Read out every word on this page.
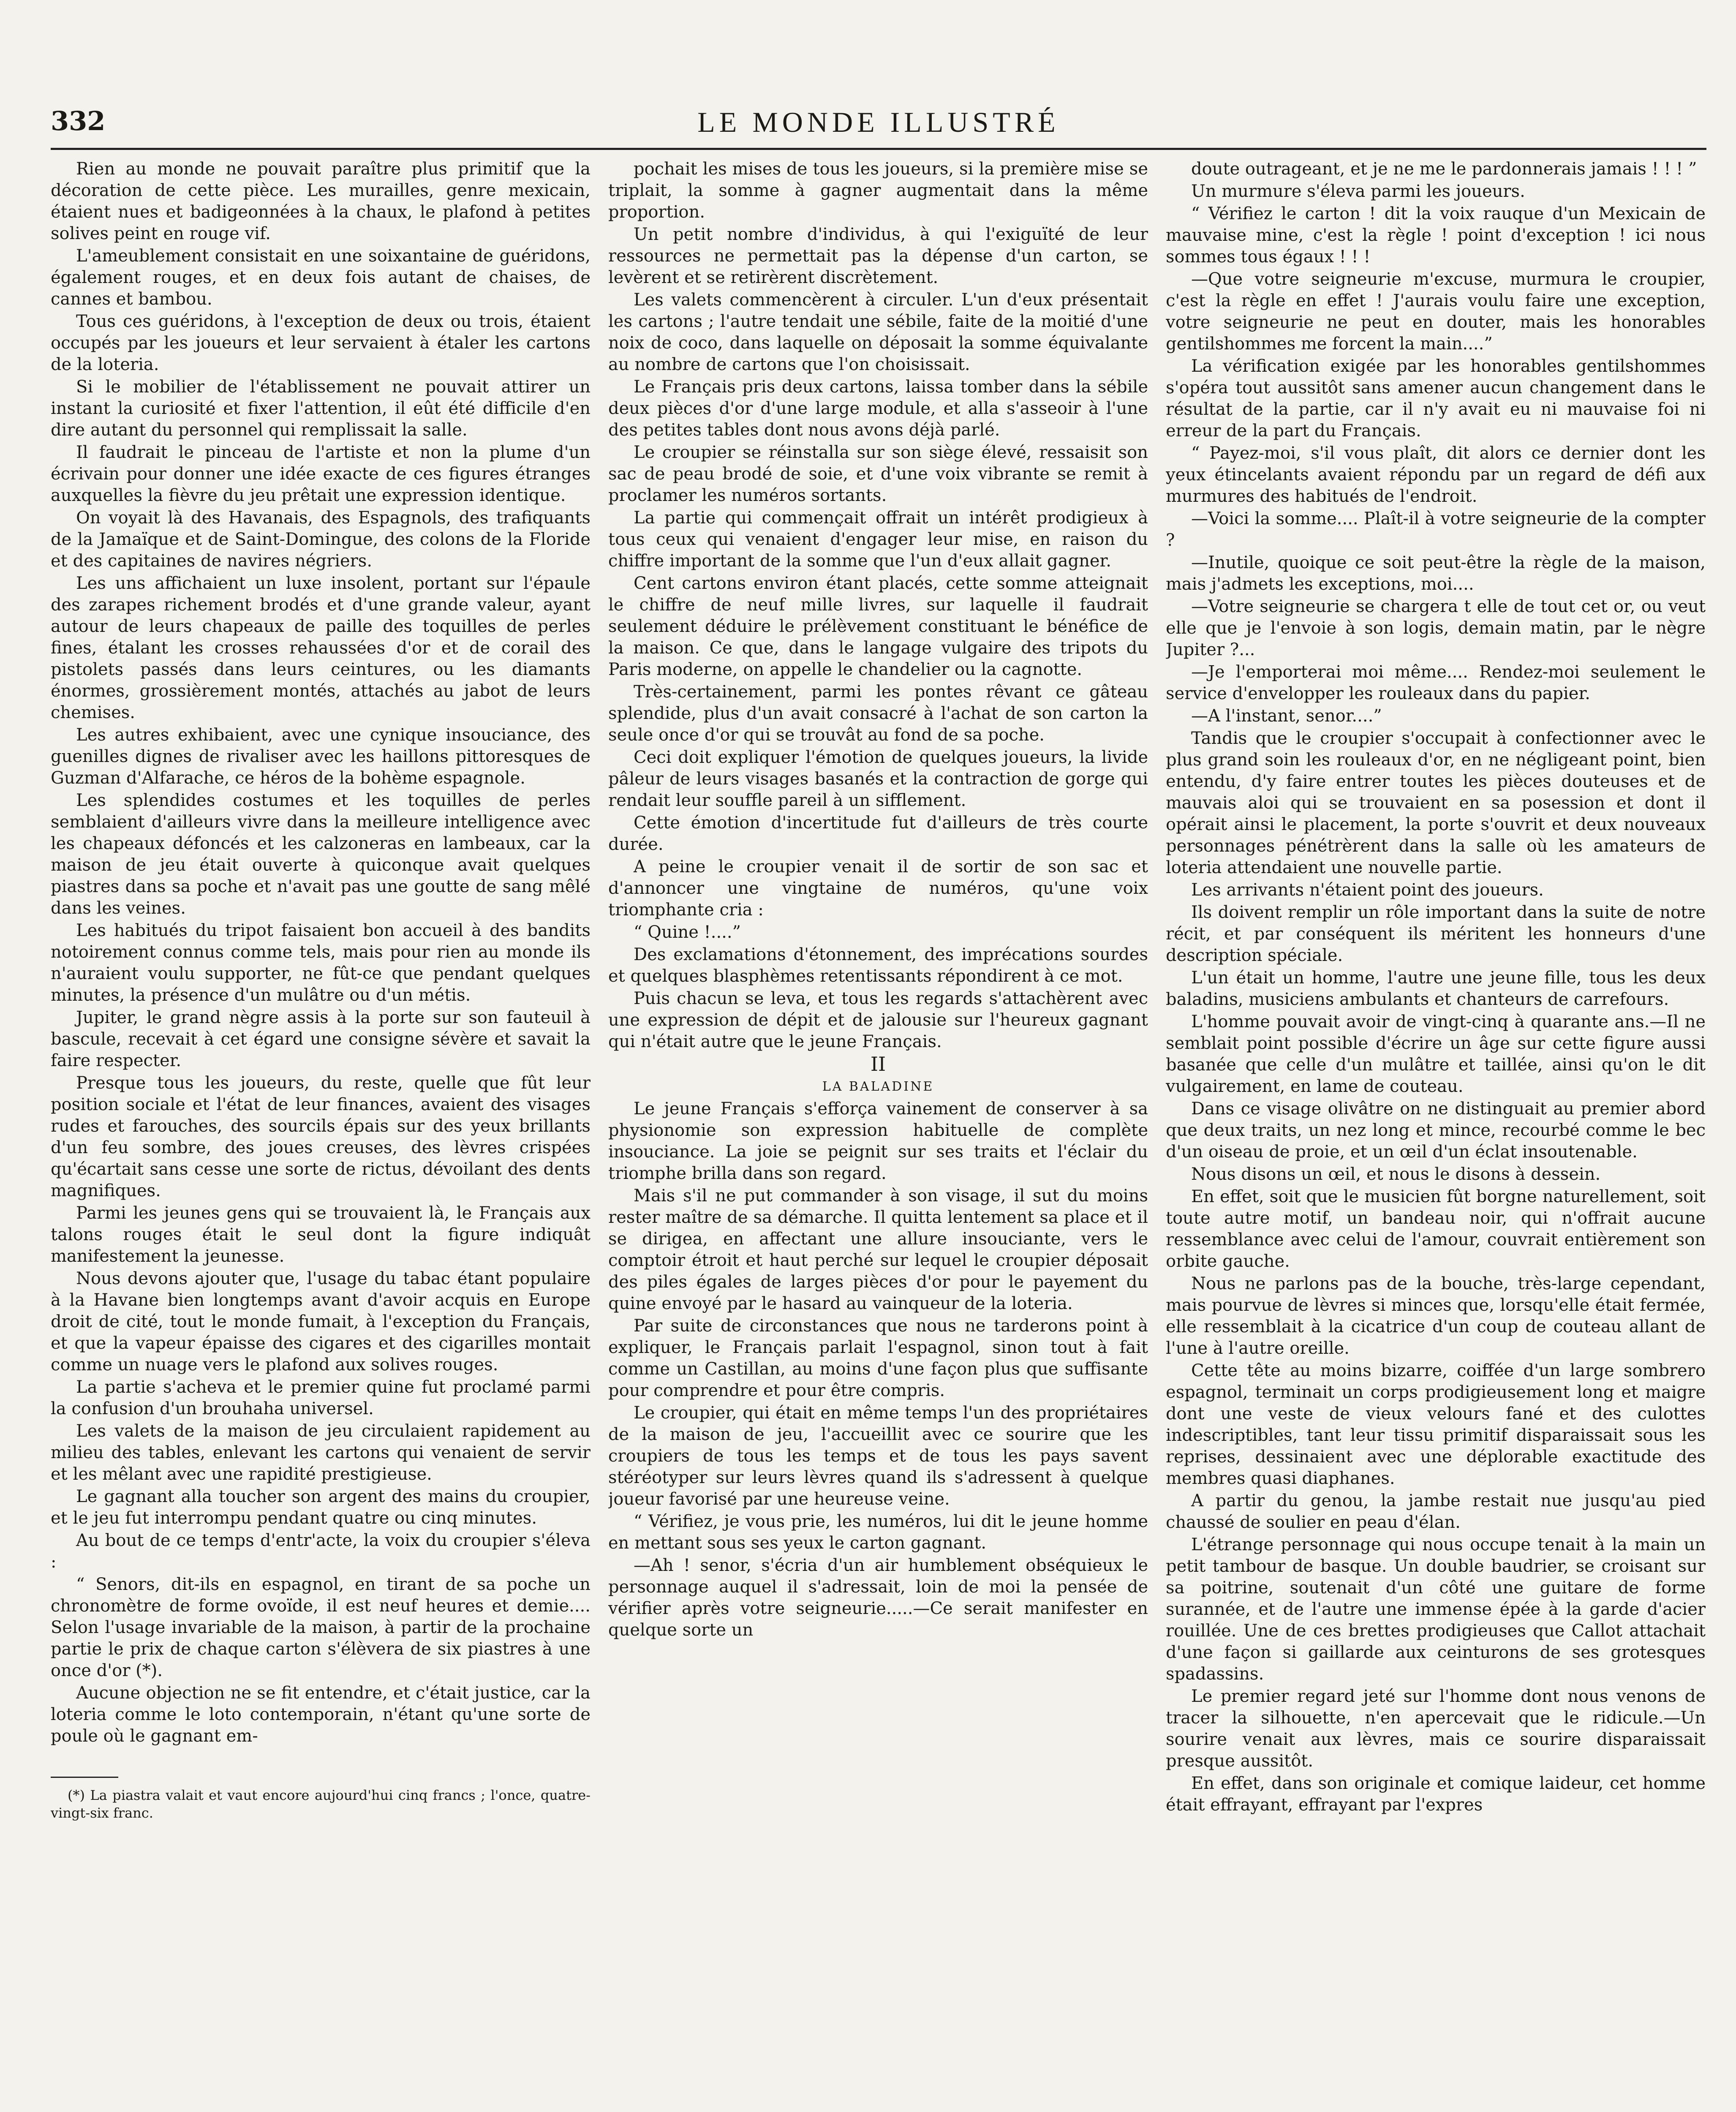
332	LE MONDE ILLUSTRÉ

Rien au monde ne pouvait paraître plus primitif que la décoration de cette pièce. Les murailles, genre mexicain, étaient nues et badigeonnées à la chaux, le plafond à petites solives peint en rouge vif.

L'ameublement consistait en une soixantaine de guéridons, également rouges, et en deux fois autant de chaises, de cannes et bambou.

Tous ces guéridons, à l'exception de deux ou trois, étaient occupés par les joueurs et leur servaient à étaler les cartons de la loteria.

Si le mobilier de l'établissement ne pouvait attirer un instant la curiosité et fixer l'attention, il eût été difficile d'en dire autant du personnel qui remplissait la salle.

Il faudrait le pinceau de l'artiste et non la plume d'un écrivain pour donner une idée exacte de ces figures étranges auxquelles la fièvre du jeu prêtait une expression identique.

On voyait là des Havanais, des Espagnols, des trafiquants de la Jamaïque et de Saint-Domingue, des colons de la Floride et des capitaines de navires négriers.

Les uns affichaient un luxe insolent, portant sur l'épaule des zarapes richement brodés et d'une grande valeur, ayant autour de leurs chapeaux de paille des toquilles de perles fines, étalant les crosses rehaussées d'or et de corail des pistolets passés dans leurs ceintures, ou les diamants énormes, grossièrement montés, attachés au jabot de leurs chemises.

Les autres exhibaient, avec une cynique insouciance, des guenilles dignes de rivaliser avec les haillons pittoresques de Guzman d'Alfarache, ce héros de la bohème espagnole.

Les splendides costumes et les toquilles de perles semblaient d'ailleurs vivre dans la meilleure intelligence avec les chapeaux défoncés et les calzoneras en lambeaux, car la maison de jeu était ouverte à quiconque avait quelques piastres dans sa poche et n'avait pas une goutte de sang mêlé dans les veines.

Les habitués du tripot faisaient bon accueil à des bandits notoirement connus comme tels, mais pour rien au monde ils n'auraient voulu supporter, ne fût-ce que pendant quelques minutes, la présence d'un mulâtre ou d'un métis.

Jupiter, le grand nègre assis à la porte sur son fauteuil à bascule, recevait à cet égard une consigne sévère et savait la faire respecter.

Presque tous les joueurs, du reste, quelle que fût leur position sociale et l'état de leur finances, avaient des visages rudes et farouches, des sourcils épais sur des yeux brillants d'un feu sombre, des joues creuses, des lèvres crispées qu'écartait sans cesse une sorte de rictus, dévoilant des dents magnifiques.

Parmi les jeunes gens qui se trouvaient là, le Français aux talons rouges était le seul dont la figure indiquât manifestement la jeunesse.

Nous devons ajouter que, l'usage du tabac étant populaire à la Havane bien longtemps avant d'avoir acquis en Europe droit de cité, tout le monde fumait, à l'exception du Français, et que la vapeur épaisse des cigares et des cigarilles montait comme un nuage vers le plafond aux solives rouges.

La partie s'acheva et le premier quine fut proclamé parmi la confusion d'un brouhaha universel.

Les valets de la maison de jeu circulaient rapidement au milieu des tables, enlevant les cartons qui venaient de servir et les mêlant avec une rapidité prestigieuse.

Le gagnant alla toucher son argent des mains du croupier, et le jeu fut interrompu pendant quatre ou cinq minutes.

Au bout de ce temps d'entr'acte, la voix du croupier s'éleva :

“ Senors, dit-ils en espagnol, en tirant de sa poche un chronomètre de forme ovoïde, il est neuf heures et demie.... Selon l'usage invariable de la maison, à partir de la prochaine partie le prix de chaque carton s'élèvera de six piastres à une once d'or (*).

Aucune objection ne se fit entendre, et c'était justice, car la loteria comme le loto contemporain, n'étant qu'une sorte de poule où le gagnant em-

(*) La piastra valait et vaut encore aujourd'hui cinq francs ; l'once, quatre-vingt-six franc.

pochait les mises de tous les joueurs, si la première mise se triplait, la somme à gagner augmentait dans la même proportion.

Un petit nombre d'individus, à qui l'exiguïté de leur ressources ne permettait pas la dépense d'un carton, se levèrent et se retirèrent discrètement.

Les valets commencèrent à circuler. L'un d'eux présentait les cartons ; l'autre tendait une sébile, faite de la moitié d'une noix de coco, dans laquelle on déposait la somme équivalante au nombre de cartons que l'on choisissait.

Le Français pris deux cartons, laissa tomber dans la sébile deux pièces d'or d'une large module, et alla s'asseoir à l'une des petites tables dont nous avons déjà parlé.

Le croupier se réinstalla sur son siège élevé, ressaisit son sac de peau brodé de soie, et d'une voix vibrante se remit à proclamer les numéros sortants.

La partie qui commençait offrait un intérêt prodigieux à tous ceux qui venaient d'engager leur mise, en raison du chiffre important de la somme que l'un d'eux allait gagner.

Cent cartons environ étant placés, cette somme atteignait le chiffre de neuf mille livres, sur laquelle il faudrait seulement déduire le prélèvement constituant le bénéfice de la maison. Ce que, dans le langage vulgaire des tripots du Paris moderne, on appelle le chandelier ou la cagnotte.

Très-certainement, parmi les pontes rêvant ce gâteau splendide, plus d'un avait consacré à l'achat de son carton la seule once d'or qui se trouvât au fond de sa poche.

Ceci doit expliquer l'émotion de quelques joueurs, la livide pâleur de leurs visages basanés et la contraction de gorge qui rendait leur souffle pareil à un sifflement.

Cette émotion d'incertitude fut d'ailleurs de très courte durée.

A peine le croupier venait il de sortir de son sac et d'annoncer une vingtaine de numéros, qu'une voix triomphante cria :

“ Quine !....”

Des exclamations d'étonnement, des imprécations sourdes et quelques blasphèmes retentissants répondirent à ce mot.

Puis chacun se leva, et tous les regards s'attachèrent avec une expression de dépit et de jalousie sur l'heureux gagnant qui n'était autre que le jeune Français.

II

LA BALADINE

Le jeune Français s'efforça vainement de conserver à sa physionomie son expression habituelle de complète insouciance. La joie se peignit sur ses traits et l'éclair du triomphe brilla dans son regard.

Mais s'il ne put commander à son visage, il sut du moins rester maître de sa démarche. Il quitta lentement sa place et il se dirigea, en affectant une allure insouciante, vers le comptoir étroit et haut perché sur lequel le croupier déposait des piles égales de larges pièces d'or pour le payement du quine envoyé par le hasard au vainqueur de la loteria.

Par suite de circonstances que nous ne tarderons point à expliquer, le Français parlait l'espagnol, sinon tout à fait comme un Castillan, au moins d'une façon plus que suffisante pour comprendre et pour être compris.

Le croupier, qui était en même temps l'un des propriétaires de la maison de jeu, l'accueillit avec ce sourire que les croupiers de tous les temps et de tous les pays savent stéréotyper sur leurs lèvres quand ils s'adressent à quelque joueur favorisé par une heureuse veine.

“ Vérifiez, je vous prie, les numéros, lui dit le jeune homme en mettant sous ses yeux le carton gagnant.

—Ah ! senor, s'écria d'un air humblement obséquieux le personnage auquel il s'adressait, loin de moi la pensée de vérifier après votre seigneurie.....—Ce serait manifester en quelque sorte un

doute outrageant, et je ne me le pardonnerais jamais ! ! ! ”

Un murmure s'éleva parmi les joueurs.

“ Vérifiez le carton ! dit la voix rauque d'un Mexicain de mauvaise mine, c'est la règle ! point d'exception ! ici nous sommes tous égaux ! ! !

—Que votre seigneurie m'excuse, murmura le croupier, c'est la règle en effet ! J'aurais voulu faire une exception, votre seigneurie ne peut en douter, mais les honorables gentilshommes me forcent la main....”

La vérification exigée par les honorables gentilshommes s'opéra tout aussitôt sans amener aucun changement dans le résultat de la partie, car il n'y avait eu ni mauvaise foi ni erreur de la part du Français.

“ Payez-moi, s'il vous plaît, dit alors ce dernier dont les yeux étincelants avaient répondu par un regard de défi aux murmures des habitués de l'endroit.

—Voici la somme.... Plaît-il à votre seigneurie de la compter ?

—Inutile, quoique ce soit peut-être la règle de la maison, mais j'admets les exceptions, moi....

—Votre seigneurie se chargera t elle de tout cet or, ou veut elle que je l'envoie à son logis, demain matin, par le nègre Jupiter ?...

—Je l'emporterai moi même.... Rendez-moi seulement le service d'envelopper les rouleaux dans du papier.

—A l'instant, senor....”

Tandis que le croupier s'occupait à confectionner avec le plus grand soin les rouleaux d'or, en ne négligeant point, bien entendu, d'y faire entrer toutes les pièces douteuses et de mauvais aloi qui se trouvaient en sa posession et dont il opérait ainsi le placement, la porte s'ouvrit et deux nouveaux personnages pénétrèrent dans la salle où les amateurs de loteria attendaient une nouvelle partie.

Les arrivants n'étaient point des joueurs.

Ils doivent remplir un rôle important dans la suite de notre récit, et par conséquent ils méritent les honneurs d'une description spéciale.

L'un était un homme, l'autre une jeune fille, tous les deux baladins, musiciens ambulants et chanteurs de carrefours.

L'homme pouvait avoir de vingt-cinq à quarante ans.—Il ne semblait point possible d'écrire un âge sur cette figure aussi basanée que celle d'un mulâtre et taillée, ainsi qu'on le dit vulgairement, en lame de couteau.

Dans ce visage olivâtre on ne distinguait au premier abord que deux traits, un nez long et mince, recourbé comme le bec d'un oiseau de proie, et un œil d'un éclat insoutenable.

Nous disons un œil, et nous le disons à dessein.

En effet, soit que le musicien fût borgne naturellement, soit toute autre motif, un bandeau noir, qui n'offrait aucune ressemblance avec celui de l'amour, couvrait entièrement son orbite gauche.

Nous ne parlons pas de la bouche, très-large cependant, mais pourvue de lèvres si minces que, lorsqu'elle était fermée, elle ressemblait à la cicatrice d'un coup de couteau allant de l'une à l'autre oreille.

Cette tête au moins bizarre, coiffée d'un large sombrero espagnol, terminait un corps prodigieusement long et maigre dont une veste de vieux velours fané et des culottes indescriptibles, tant leur tissu primitif disparaissait sous les reprises, dessinaient avec une déplorable exactitude des membres quasi diaphanes.

A partir du genou, la jambe restait nue jusqu'au pied chaussé de soulier en peau d'élan.

L'étrange personnage qui nous occupe tenait à la main un petit tambour de basque. Un double baudrier, se croisant sur sa poitrine, soutenait d'un côté une guitare de forme surannée, et de l'autre une immense épée à la garde d'acier rouillée. Une de ces brettes prodigieuses que Callot attachait d'une façon si gaillarde aux ceinturons de ses grotesques spadassins.

Le premier regard jeté sur l'homme dont nous venons de tracer la silhouette, n'en apercevait que le ridicule.—Un sourire venait aux lèvres, mais ce sourire disparaissait presque aussitôt.

En effet, dans son originale et comique laideur, cet homme était effrayant, effrayant par l'expres
